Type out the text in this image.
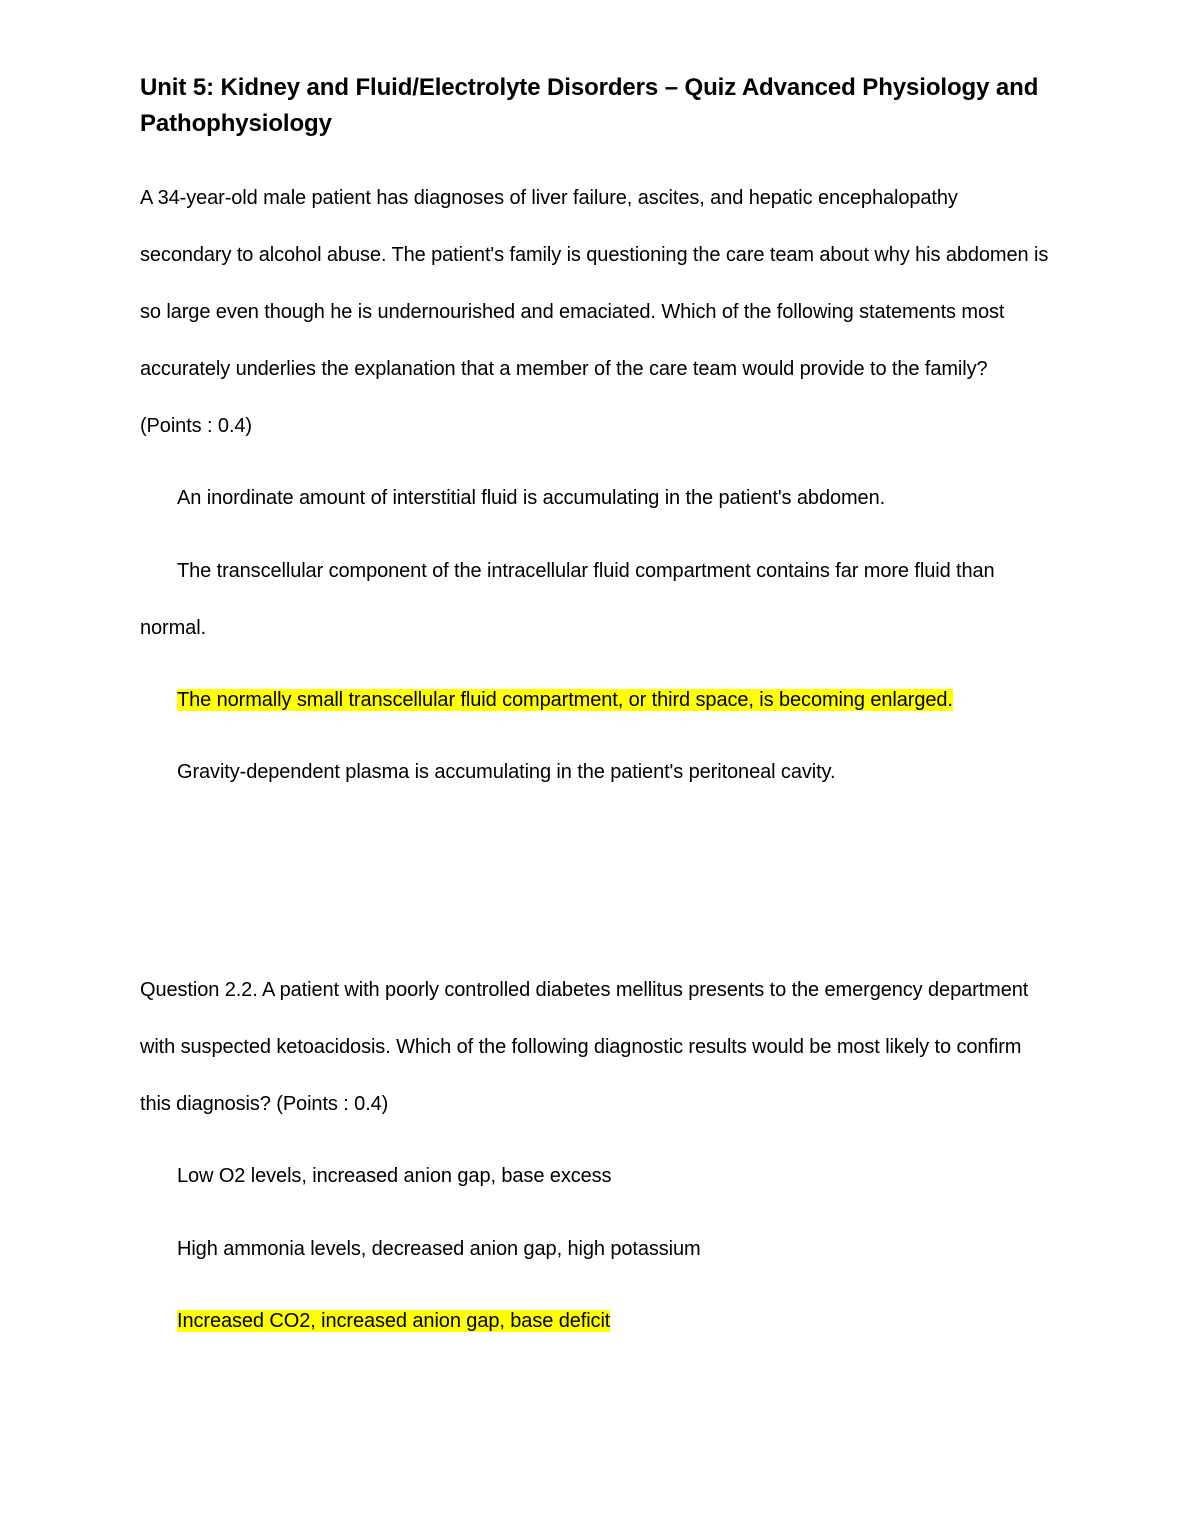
Unit 5: Kidney and Fluid/Electrolyte Disorders – Quiz Advanced Physiology and Pathophysiology
A 34-year-old male patient has diagnoses of liver failure, ascites, and hepatic encephalopathy secondary to alcohol abuse. The patient's family is questioning the care team about why his abdomen is so large even though he is undernourished and emaciated. Which of the following statements most accurately underlies the explanation that a member of the care team would provide to the family? (Points : 0.4)
An inordinate amount of interstitial fluid is accumulating in the patient's abdomen.
The transcellular component of the intracellular fluid compartment contains far more fluid than normal.
The normally small transcellular fluid compartment, or third space, is becoming enlarged.
Gravity-dependent plasma is accumulating in the patient's peritoneal cavity.
Question 2.2. A patient with poorly controlled diabetes mellitus presents to the emergency department with suspected ketoacidosis. Which of the following diagnostic results would be most likely to confirm this diagnosis? (Points : 0.4)
Low O2 levels, increased anion gap, base excess
High ammonia levels, decreased anion gap, high potassium
Increased CO2, increased anion gap, base deficit
